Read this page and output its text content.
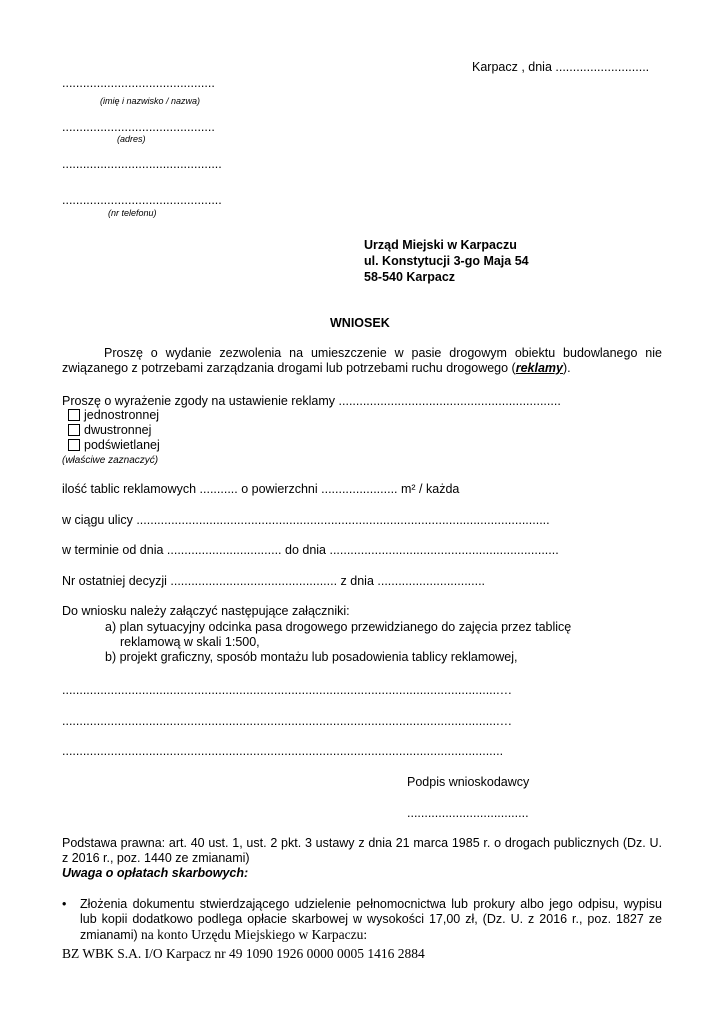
Karpacz , dnia ...........................
............................................
(imię i nazwisko / nazwa)
............................................
(adres)
..............................................
..............................................
(nr telefonu)
Urząd Miejski w Karpaczu
ul. Konstytucji 3-go Maja 54
58-540 Karpacz
WNIOSEK
Proszę o wydanie zezwolenia na umieszczenie w pasie drogowym obiektu budowlanego nie związanego z potrzebami zarządzania drogami lub potrzebami ruchu drogowego (reklamy).
Proszę o wyrażenie zgody na ustawienie reklamy ................................................................
jednostronnej
dwustronnej
podświetlanej
(właściwe zaznaczyć)
ilość tablic reklamowych ........... o powierzchni ...................... m² / każda
w ciągu ulicy .......................................................................................................................
w terminie od dnia ................................. do dnia ..................................................................
Nr ostatniej decyzji ................................................ z dnia ...............................
Do wniosku należy załączyć następujące załączniki:
a) plan sytuacyjny odcinka pasa drogowego przewidzianego do zajęcia przez tablicę
reklamową w skali 1:500,
b) projekt graficzny, sposób montażu lub posadowienia tablicy reklamowej,
..............................................................................................................................…
..............................................................................................................................…
...............................................................................................................................
Podpis wnioskodawcy
...................................
Podstawa prawna: art. 40 ust. 1, ust. 2 pkt. 3 ustawy z dnia 21 marca 1985 r. o drogach publicznych (Dz. U. z 2016 r., poz. 1440 ze zmianami)
Uwaga o opłatach skarbowych:
• Złożenia dokumentu stwierdzającego udzielenie pełnomocnictwa lub prokury albo jego odpisu, wypisu lub kopii dodatkowo podlega opłacie skarbowej w wysokości 17,00 zł, (Dz. U. z 2016 r., poz. 1827 ze zmianami) na konto Urzędu Miejskiego w Karpaczu:
BZ WBK S.A. I/O Karpacz nr 49 1090 1926 0000 0005 1416 2884
